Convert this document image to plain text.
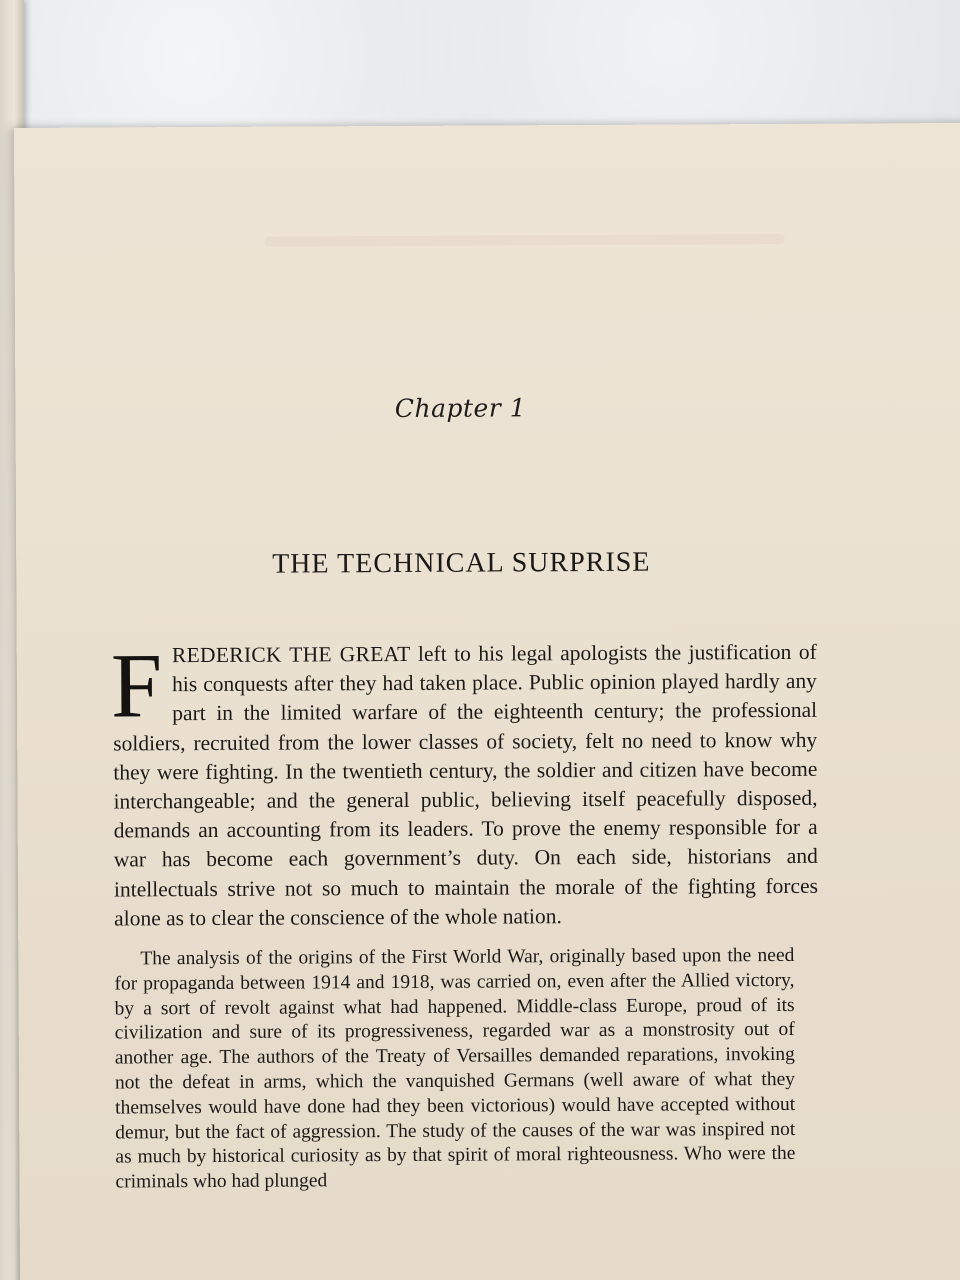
Chapter 1
THE TECHNICAL SURPRISE

FREDERICK THE GREAT left to his legal apologists the justification of his conquests after they had taken place. Public opinion played hardly any part in the limited warfare of the eighteenth century; the professional soldiers, recruited from the lower classes of society, felt no need to know why they were fighting. In the twentieth century, the soldier and citizen have become interchangeable; and the general public, believing itself peacefully disposed, demands an accounting from its leaders. To prove the enemy responsible for a war has become each government’s duty. On each side, historians and intellectuals strive not so much to maintain the morale of the fighting forces alone as to clear the conscience of the whole nation.

The analysis of the origins of the First World War, originally based upon the need for propaganda between 1914 and 1918, was carried on, even after the Allied victory, by a sort of revolt against what had happened. Middle-class Europe, proud of its civilization and sure of its progressiveness, regarded war as a monstrosity out of another age. The authors of the Treaty of Versailles demanded reparations, invoking not the defeat in arms, which the vanquished Germans (well aware of what they themselves would have done had they been victorious) would have accepted without demur, but the fact of aggression. The study of the causes of the war was inspired not as much by historical curiosity as by that spirit of moral righteousness. Who were the criminals who had plunged
